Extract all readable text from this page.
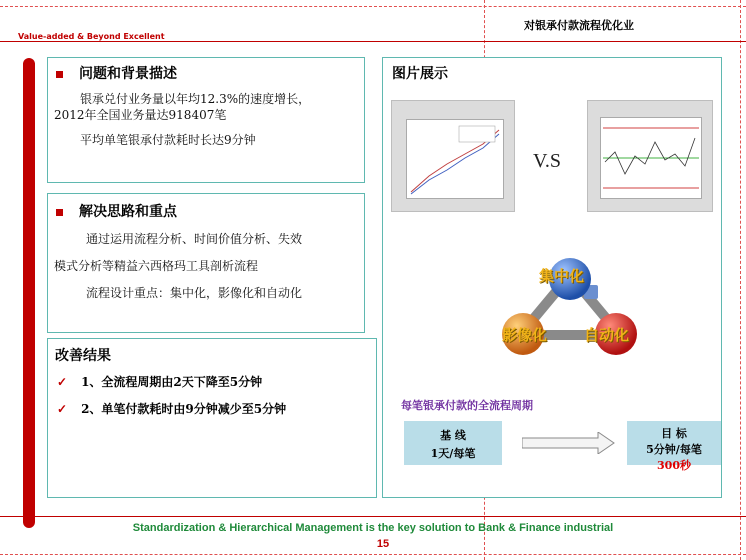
对银承付款流程优化业
Value-added & Beyond Excellent
问题和背景描述
银承兑付业务量以年均12.3%的速度增长，
2012年全国业务量达918407笔
平均单笔银承付款耗时长达9分钟
解决思路和重点
通过运用流程分析、时间价值分析、失效
模式分析等精益六西格玛工具剖析流程
流程设计重点：集中化，影像化和自动化
改善结果
✓ 1、全流程周期由2天下降至5分钟
✓ 2、单笔付款耗时由9分钟减少至5分钟
图片展示
V.S
集中化
影像化 自动化
每笔银承付款的全流程周期
基 线
1天/每笔
目 标
5分钟/每笔
300秒
Standardization & Hierarchical Management is the key solution to Bank & Finance industrial
15
